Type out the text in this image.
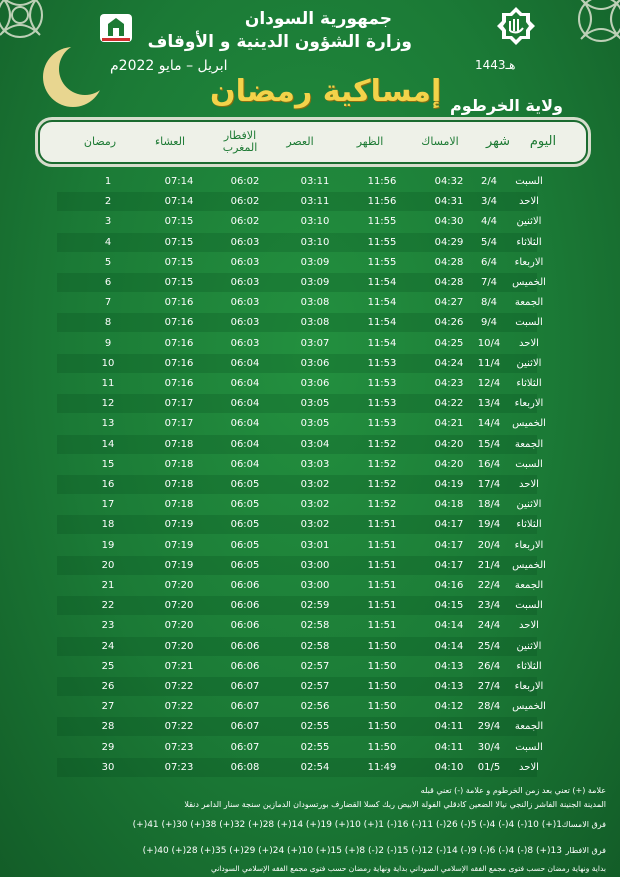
جمهورية السودان
وزارة الشؤون الدينية و الأوقاف
ابريل – مايو 2022م	1443هـ
إمساكية رمضان ولاية الخرطوم
اليوم
شهر
الامساك
الظهر
العصر
الافطار المغرب
العشاء
رمضان
السبت
2/4
04:32
11:56
03:11
06:02
07:14
1
الاحد
3/4
04:31
11:56
03:11
06:02
07:14
2
الاثنين
4/4
04:30
11:55
03:10
06:02
07:15
3
الثلاثاء
5/4
04:29
11:55
03:10
06:03
07:15
4
الاربعاء
6/4
04:28
11:55
03:09
06:03
07:15
5
الخميس
7/4
04:28
11:54
03:09
06:03
07:15
6
الجمعة
8/4
04:27
11:54
03:08
06:03
07:16
7
السبت
9/4
04:26
11:54
03:08
06:03
07:16
8
الاحد
10/4
04:25
11:54
03:07
06:03
07:16
9
الاثنين
11/4
04:24
11:53
03:06
06:04
07:16
10
الثلاثاء
12/4
04:23
11:53
03:06
06:04
07:16
11
الاربعاء
13/4
04:22
11:53
03:05
06:04
07:17
12
الخميس
14/4
04:21
11:53
03:05
06:04
07:17
13
الجمعة
15/4
04:20
11:52
03:04
06:04
07:18
14
السبت
16/4
04:20
11:52
03:03
06:04
07:18
15
الاحد
17/4
04:19
11:52
03:02
06:05
07:18
16
الاثنين
18/4
04:18
11:52
03:02
06:05
07:18
17
الثلاثاء
19/4
04:17
11:51
03:02
06:05
07:19
18
الاربعاء
20/4
04:17
11:51
03:01
06:05
07:19
19
الخميس
21/4
04:17
11:51
03:00
06:05
07:19
20
الجمعة
22/4
04:16
11:51
03:00
06:06
07:20
21
السبت
23/4
04:15
11:51
02:59
06:06
07:20
22
الاحد
24/4
04:14
11:51
02:58
06:06
07:20
23
الاثنين
25/4
04:14
11:50
02:58
06:06
07:20
24
الثلاثاء
26/4
04:13
11:50
02:57
06:06
07:21
25
الاربعاء
27/4
04:13
11:50
02:57
06:07
07:22
26
الخميس
28/4
04:12
11:50
02:56
06:07
07:22
27
الجمعة
29/4
04:11
11:50
02:55
06:07
07:22
28
السبت
30/4
04:11
11:50
02:55
06:07
07:23
29
الاحد
01/5
04:10
11:49
02:54
06:08
07:23
30
علامة (+) تعني بعد زمن الخرطوم و علامة (-) تعني قبله
المدينة الجنينة الفاشر زالنجي نيالا الضعين كادقلي الفولة الابيض ربك كسلا القضارف بورتسودان الدمازين سنجة سنار الدامر دنقلا
فرق الامساك
(+)41 (+)30 (+)38 (+)32 (+)28 (+)14 (+)19 (+)10 (+)1 (-)16 (-)11 (-)26 (-)5 (-)4 (-)4 (-)10 (+)1
فرق الافطار
(+)40 (+)28 (+)35 (+)29 (+)24 (+)10 (+)15 (+)8 (-)2 (-)15 (-)12 (-)14 (-)9 (-)6 (-)4 (-)8 (+)13
بداية ونهاية رمضان حسب فتوى مجمع الفقه الإسلامي السوداني بداية ونهاية رمضان حسب فتوى مجمع الفقه الإسلامي السوداني
